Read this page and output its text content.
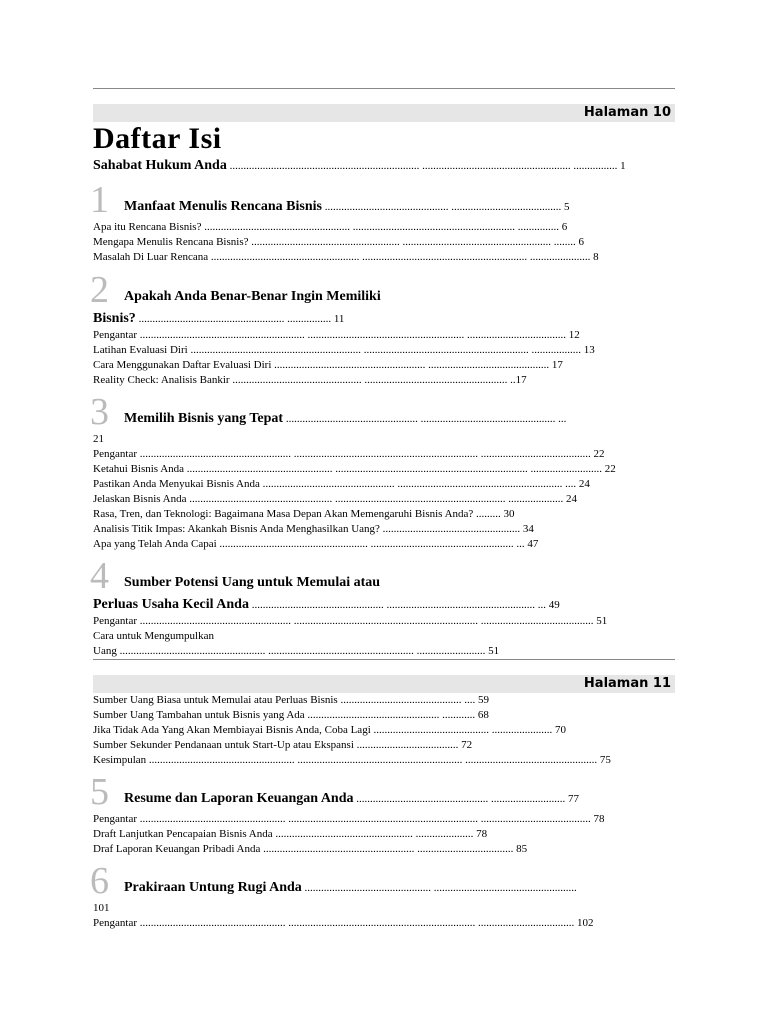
Halaman 10
Daftar Isi
Sahabat Hukum Anda ..................................................................... ...................................................... ................ 1
1 Manfaat Menulis Rencana Bisnis ............................................. ........................................ 5
Apa itu Rencana Bisnis? ..................................................... ........................................................... ............... 6
Mengapa Menulis Rencana Bisnis? ...................................................... ...................................................... ........ 6
Masalah Di Luar Rencana ...................................................... ............................................................ ...................... 8
2 Apakah Anda Benar-Benar Ingin Memiliki
Bisnis? ..................................................... ................ 11
Pengantar ............................................................ ......................................................... .................................... 12
Latihan Evaluasi Diri .............................................................. ............................................................ .................. 13
Cara Menggunakan Daftar Evaluasi Diri ....................................................... ............................................ 17
Reality Check: Analisis Bankir ............................................... .................................................... ..17
3 Memilih Bisnis yang Tepat ................................................ ................................................. ...
21
Pengantar ....................................................... ................................................................... ........................................ 22
Ketahui Bisnis Anda ..................................................... ...................................................................... .......................... 22
Pastikan Anda Menyukai Bisnis Anda ................................................ ............................................................ .... 24
Jelaskan Bisnis Anda .................................................... .............................................................. .................... 24
Rasa, Tren, dan Teknologi: Bagaimana Masa Depan Akan Memengaruhi Bisnis Anda? ......... 30
Analisis Titik Impas: Akankah Bisnis Anda Menghasilkan Uang? .................................................. 34
Apa yang Telah Anda Capai ...................................................... .................................................... ... 47
4 Sumber Potensi Uang untuk Memulai atau
Perluas Usaha Kecil Anda ................................................ ...................................................... ... 49
Pengantar ....................................................... ................................................................... ......................................... 51
Cara untuk Mengumpulkan
Uang ..................................................... ..................................................... ......................... 51
Halaman 11
Sumber Uang Biasa untuk Memulai atau Perluas Bisnis ............................................ .... 59
Sumber Uang Tambahan untuk Bisnis yang Ada ................................................ ............ 68
Jika Tidak Ada Yang Akan Membiayai Bisnis Anda, Coba Lagi .......................................... ...................... 70
Sumber Sekunder Pendanaan untuk Start-Up atau Ekspansi ..................................... 72
Kesimpulan ..................................................... ............................................................ ................................................ 75
5 Resume dan Laporan Keuangan Anda ................................................ ........................... 77
Pengantar ..................................................... ..................................................................... ........................................ 78
Draft Lanjutkan Pencapaian Bisnis Anda .................................................. ..................... 78
Draf Laporan Keuangan Pribadi Anda ....................................................... ................................... 85
6 Prakiraan Untung Rugi Anda .............................................. ....................................................
101
Pengantar ..................................................... .................................................................... ................................... 102
